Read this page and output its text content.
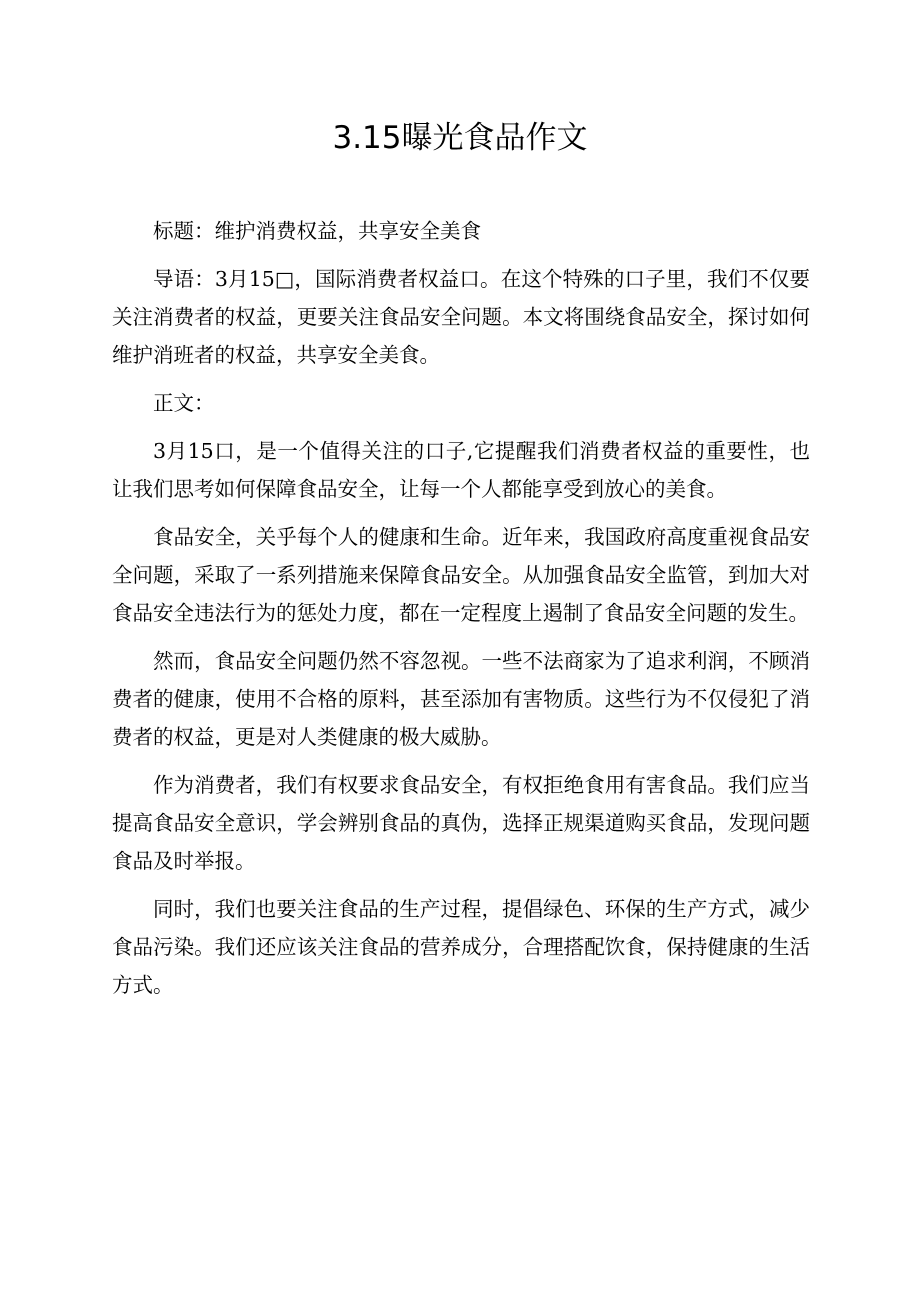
3.15曝光食品作文

标题：维护消费权益，共享安全美食

导语：3月15□，国际消费者权益口。在这个特殊的口子里，我们不仅要关注消费者的权益，更要关注食品安全问题。本文将围绕食品安全，探讨如何维护消班者的权益，共享安全美食。

正文：

3月15口，是一个值得关注的口子,它提醒我们消费者权益的重要性，也让我们思考如何保障食品安全，让每一个人都能享受到放心的美食。

食品安全，关乎每个人的健康和生命。近年来，我国政府高度重视食品安全问题，采取了一系列措施来保障食品安全。从加强食品安全监管，到加大对食品安全违法行为的惩处力度，都在一定程度上遏制了食品安全问题的发生。

然而，食品安全问题仍然不容忽视。一些不法商家为了追求利润，不顾消费者的健康，使用不合格的原料，甚至添加有害物质。这些行为不仅侵犯了消费者的权益，更是对人类健康的极大威胁。

作为消费者，我们有权要求食品安全，有权拒绝食用有害食品。我们应当提高食品安全意识，学会辨别食品的真伪，选择正规渠道购买食品，发现问题食品及时举报。

同时，我们也要关注食品的生产过程，提倡绿色、环保的生产方式，减少食品污染。我们还应该关注食品的营养成分，合理搭配饮食，保持健康的生活方式。
